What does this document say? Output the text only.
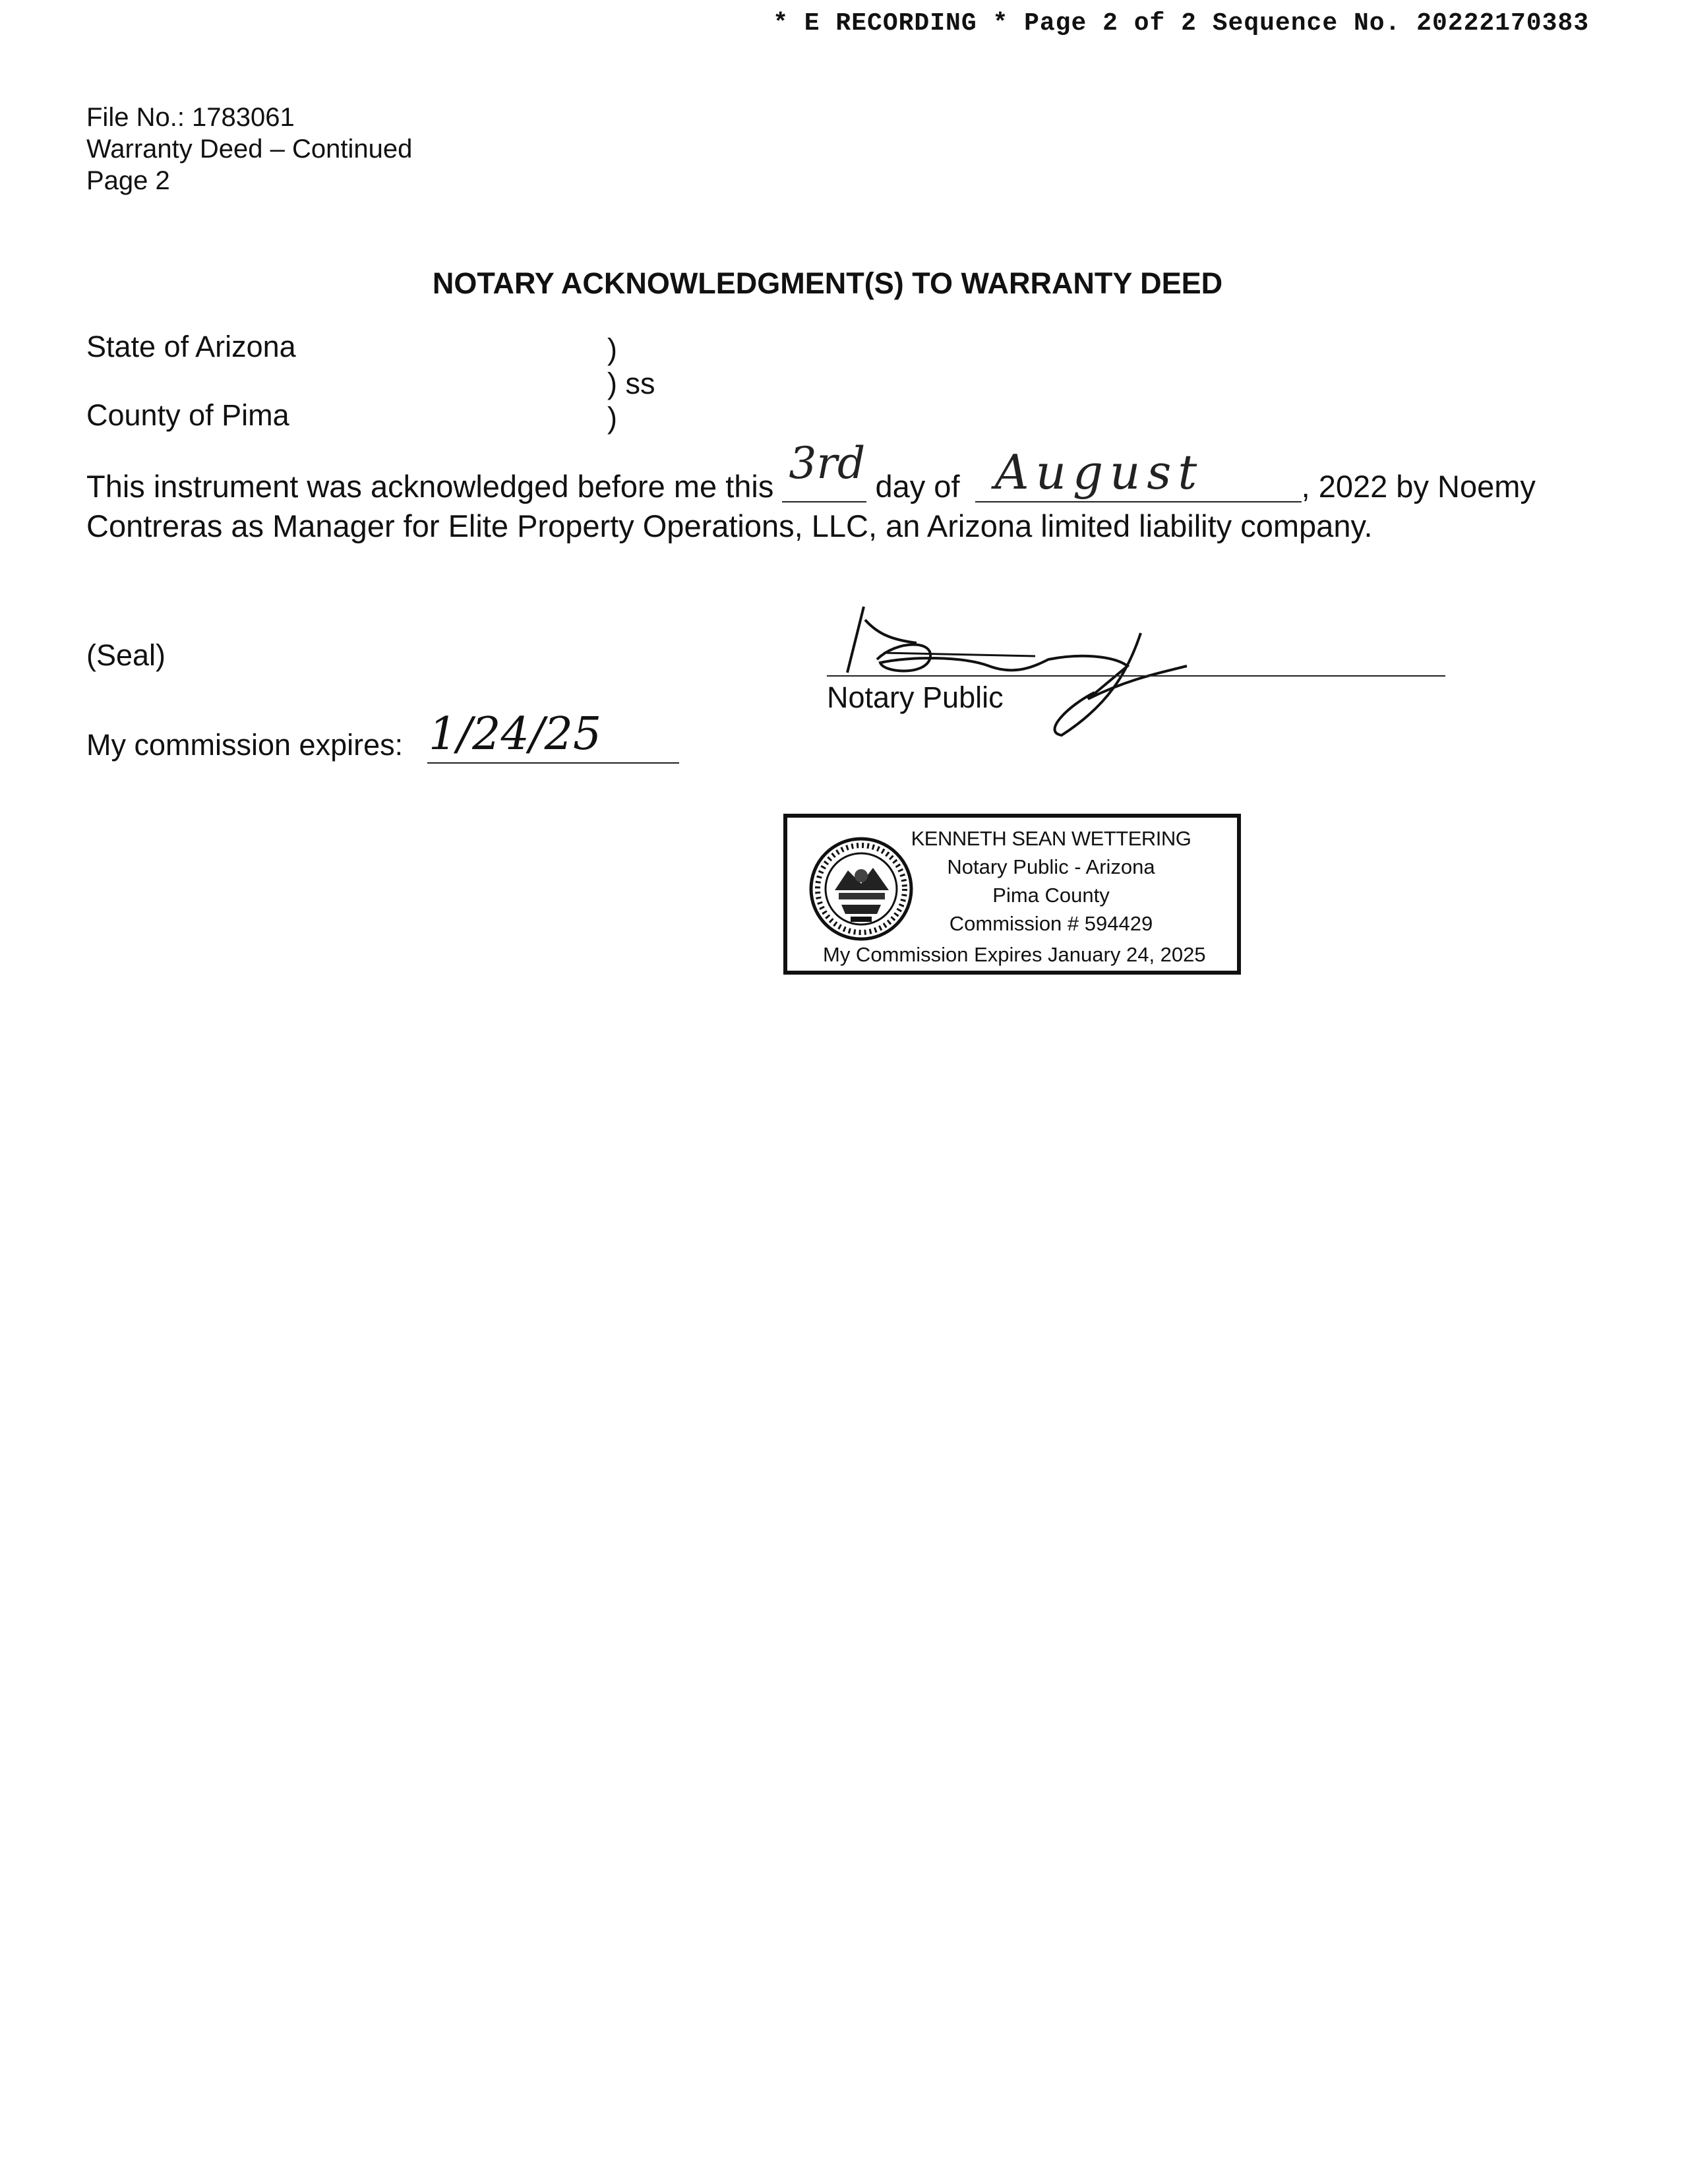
* E RECORDING * Page 2 of 2 Sequence No. 20222170383
File No.: 1783061
Warranty Deed – Continued
Page 2
NOTARY ACKNOWLEDGMENT(S) TO WARRANTY DEED
State of Arizona
County of Pima
)
) ss
)
This instrument was acknowledged before me this 3rd day of August	, 2022 by Noemy
Contreras as Manager for Elite Property Operations, LLC, an Arizona limited liability company.
(Seal)
My commission expires: 1/24/25
Notary Public
KENNETH SEAN WETTERING
Notary Public - Arizona
Pima County
Commission # 594429
My Commission Expires January 24, 2025
